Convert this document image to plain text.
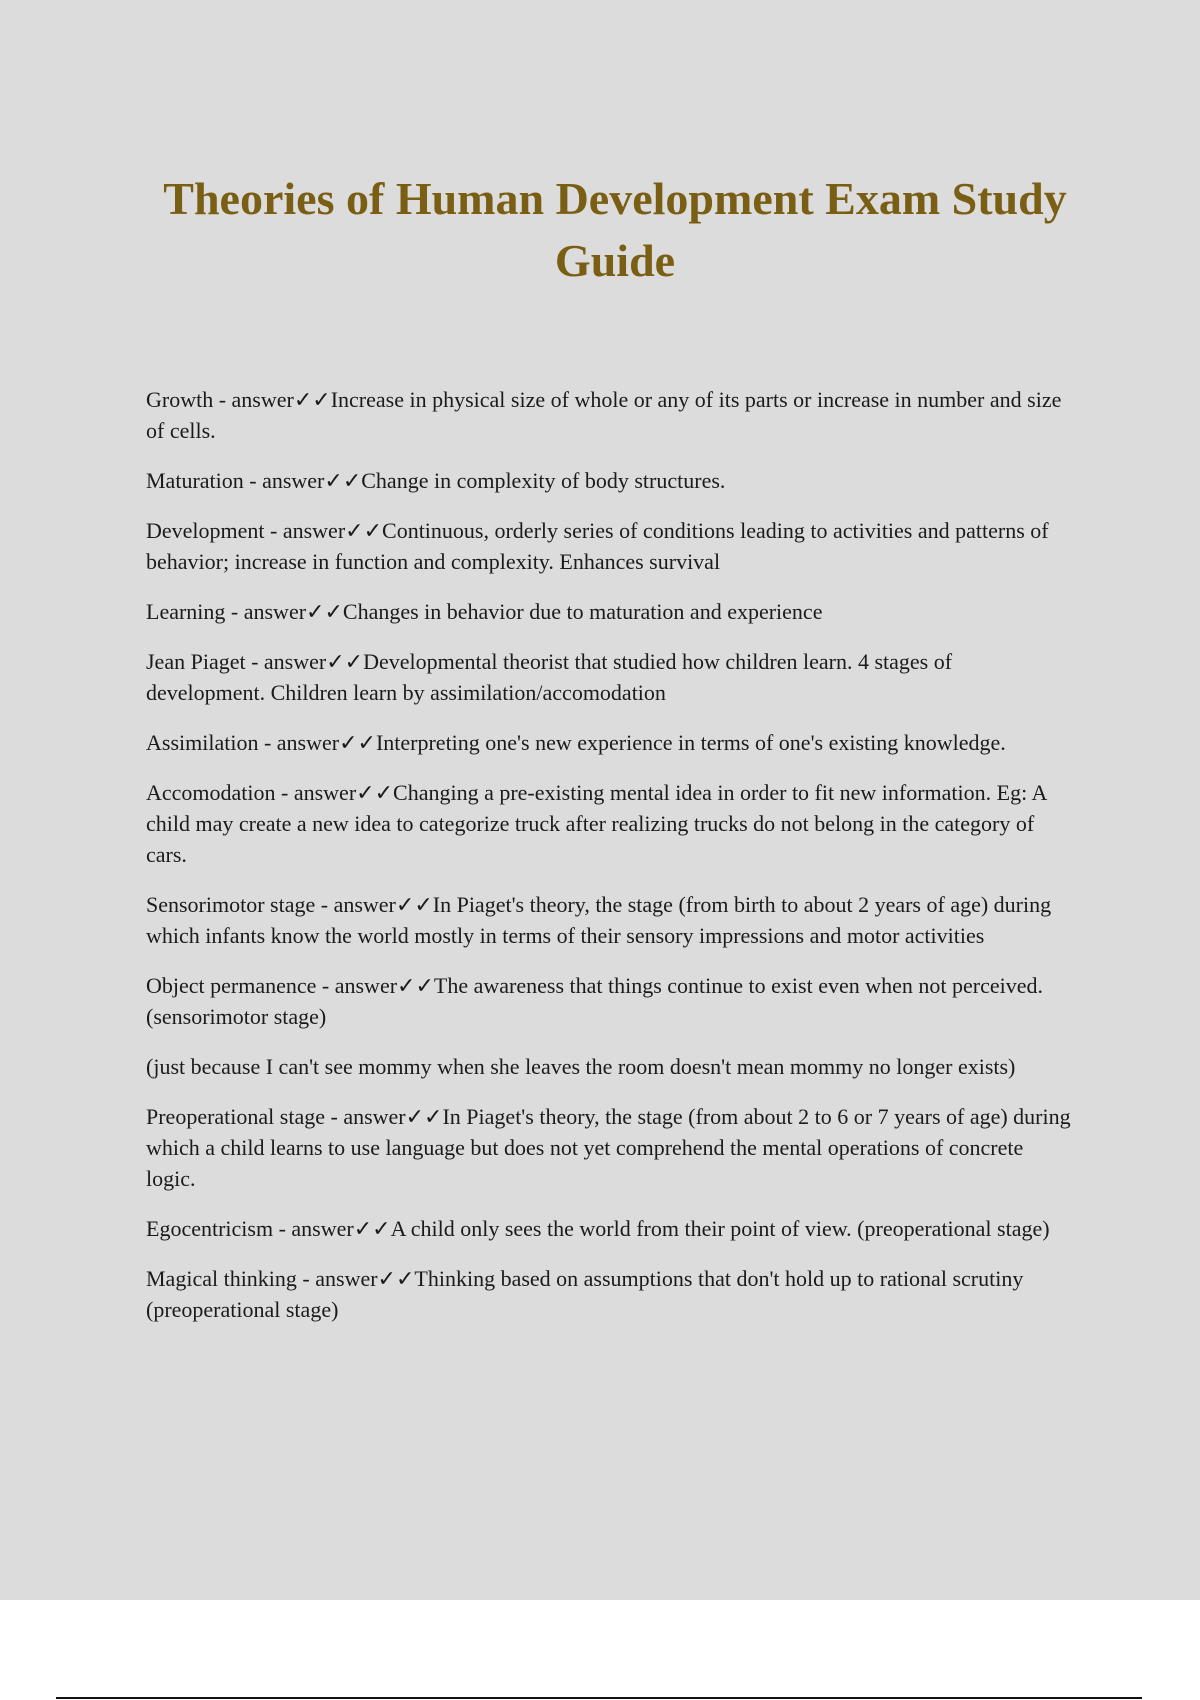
Theories of Human Development Exam Study Guide

Growth - answer✓✓Increase in physical size of whole or any of its parts or increase in number and size of cells.

Maturation - answer✓✓Change in complexity of body structures.

Development - answer✓✓Continuous, orderly series of conditions leading to activities and patterns of behavior; increase in function and complexity. Enhances survival

Learning - answer✓✓Changes in behavior due to maturation and experience

Jean Piaget - answer✓✓Developmental theorist that studied how children learn. 4 stages of development. Children learn by assimilation/accomodation

Assimilation - answer✓✓Interpreting one's new experience in terms of one's existing knowledge.

Accomodation - answer✓✓Changing a pre-existing mental idea in order to fit new information. Eg: A child may create a new idea to categorize truck after realizing trucks do not belong in the category of cars.

Sensorimotor stage - answer✓✓In Piaget's theory, the stage (from birth to about 2 years of age) during which infants know the world mostly in terms of their sensory impressions and motor activities

Object permanence - answer✓✓The awareness that things continue to exist even when not perceived. (sensorimotor stage)

(just because I can't see mommy when she leaves the room doesn't mean mommy no longer exists)

Preoperational stage - answer✓✓In Piaget's theory, the stage (from about 2 to 6 or 7 years of age) during which a child learns to use language but does not yet comprehend the mental operations of concrete logic.

Egocentricism - answer✓✓A child only sees the world from their point of view. (preoperational stage)

Magical thinking - answer✓✓Thinking based on assumptions that don't hold up to rational scrutiny (preoperational stage)
